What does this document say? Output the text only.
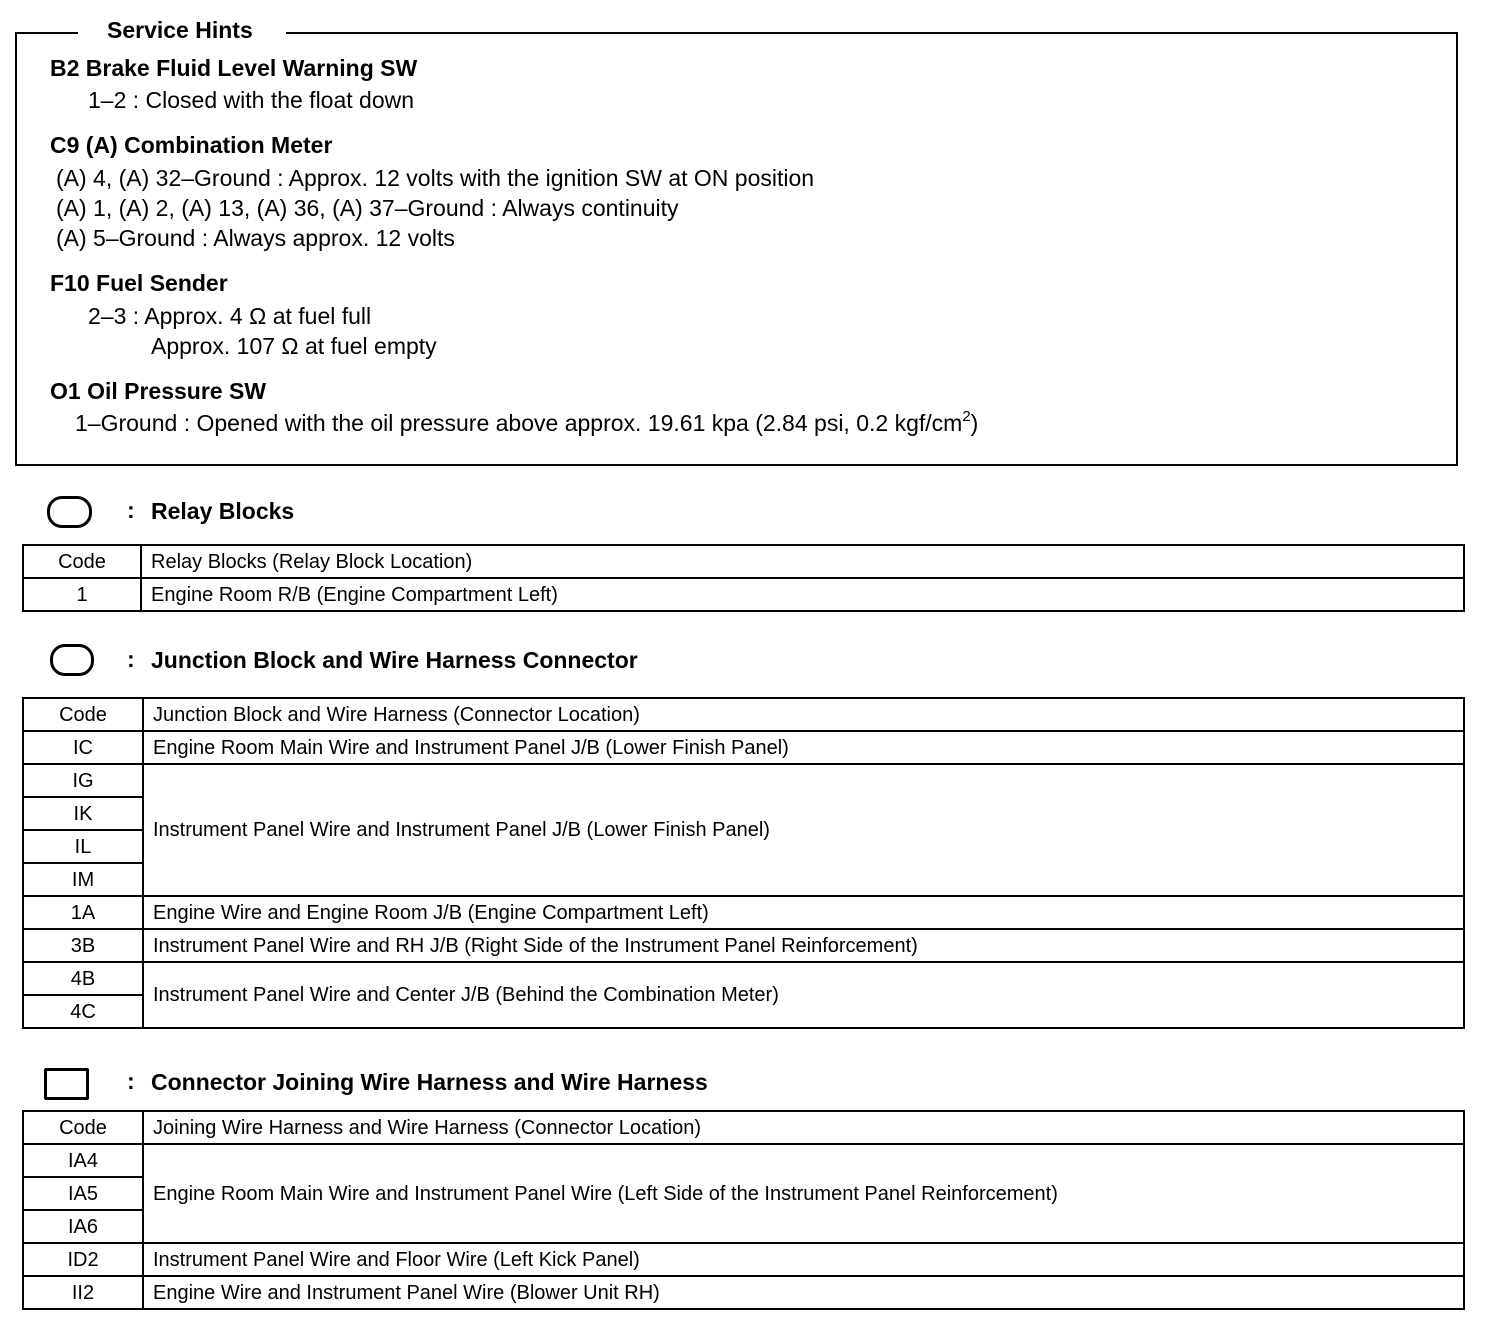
Service Hints
B2 Brake Fluid Level Warning SW
1–2 : Closed with the float down
C9 (A) Combination Meter
(A) 4, (A) 32–Ground : Approx. 12 volts with the ignition SW at ON position
(A) 1, (A) 2, (A) 13, (A) 36, (A) 37–Ground : Always continuity
(A) 5–Ground : Always approx. 12 volts
F10 Fuel Sender
2–3 : Approx. 4 Ω at fuel full
Approx. 107 Ω at fuel empty
O1 Oil Pressure SW
1–Ground : Opened with the oil pressure above approx. 19.61 kpa (2.84 psi, 0.2 kgf/$cm^2$)
: Relay Blocks
Code	Relay Blocks (Relay Block Location)
1	Engine Room R/B (Engine Compartment Left)
: Junction Block and Wire Harness Connector
Code	Junction Block and Wire Harness (Connector Location)
IC	Engine Room Main Wire and Instrument Panel J/B (Lower Finish Panel)
IG	Instrument Panel Wire and Instrument Panel J/B (Lower Finish Panel)
IK	
IL	
IM	
1A	Engine Wire and Engine Room J/B (Engine Compartment Left)
3B	Instrument Panel Wire and RH J/B (Right Side of the Instrument Panel Reinforcement)
4B	Instrument Panel Wire and Center J/B (Behind the Combination Meter)
4C	
: Connector Joining Wire Harness and Wire Harness
Code	Joining Wire Harness and Wire Harness (Connector Location)
IA4	Engine Room Main Wire and Instrument Panel Wire (Left Side of the Instrument Panel Reinforcement)
IA5	
IA6	
ID2	Instrument Panel Wire and Floor Wire (Left Kick Panel)
II2	Engine Wire and Instrument Panel Wire (Blower Unit RH)
